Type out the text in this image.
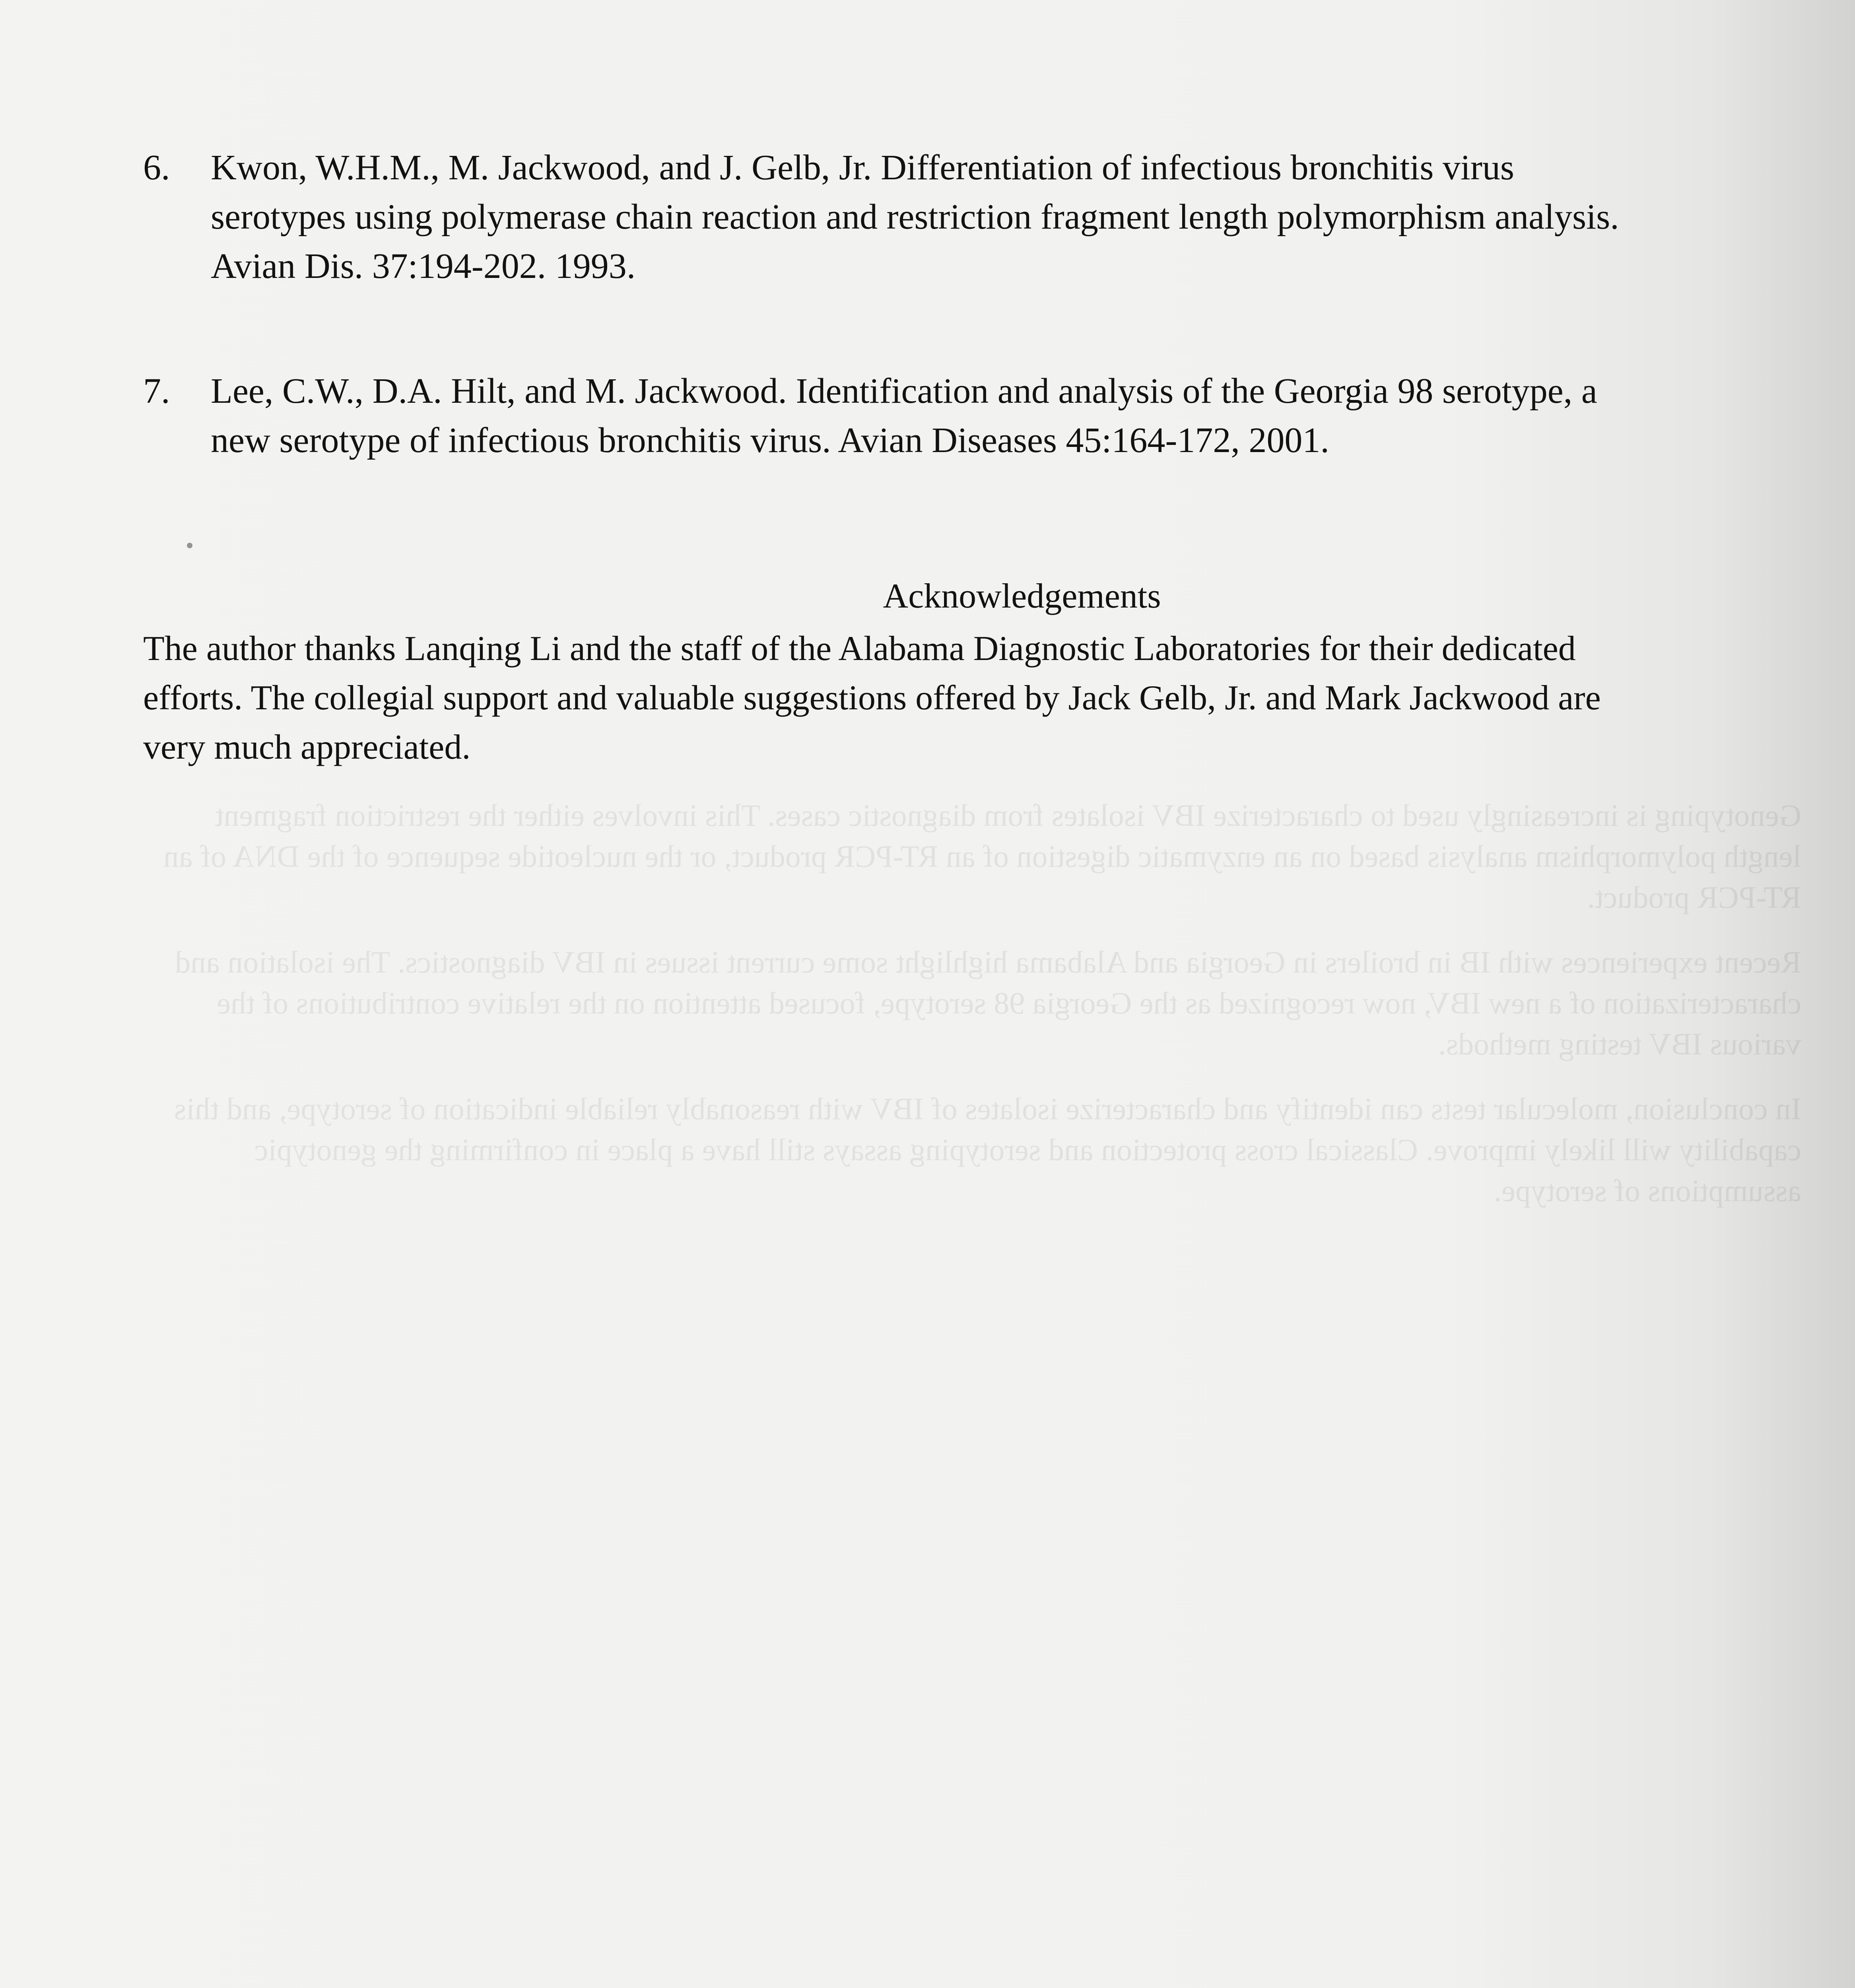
Genotyping is increasingly used to characterize IBV isolates from diagnostic cases. This involves either the restriction fragment length polymorphism analysis based on an enzymatic digestion of an RT-PCR product, or the nucleotide sequence of the DNA of an RT-PCR product.

Recent experiences with IB in broilers in Georgia and Alabama highlight some current issues in IBV diagnostics. The isolation and characterization of a new IBV, now recognized as the Georgia 98 serotype, focused attention on the relative contributions of the various IBV testing methods.

In conclusion, molecular tests can identify and characterize isolates of IBV with reasonably reliable indication of serotype, and this capability will likely improve. Classical cross protection and serotyping assays still have a place in confirming the genotypic assumptions of serotype.

6. Kwon, W.H.M., M. Jackwood, and J. Gelb, Jr. Differentiation of infectious bronchitis virus
serotypes using polymerase chain reaction and restriction fragment length polymorphism analysis.
Avian Dis. 37:194-202. 1993.
7. Lee, C.W., D.A. Hilt, and M. Jackwood. Identification and analysis of the Georgia 98 serotype, a
new serotype of infectious bronchitis virus. Avian Diseases 45:164-172, 2001.
Acknowledgements
The author thanks Lanqing Li and the staff of the Alabama Diagnostic Laboratories for their dedicated
efforts. The collegial support and valuable suggestions offered by Jack Gelb, Jr. and Mark Jackwood are
very much appreciated.
